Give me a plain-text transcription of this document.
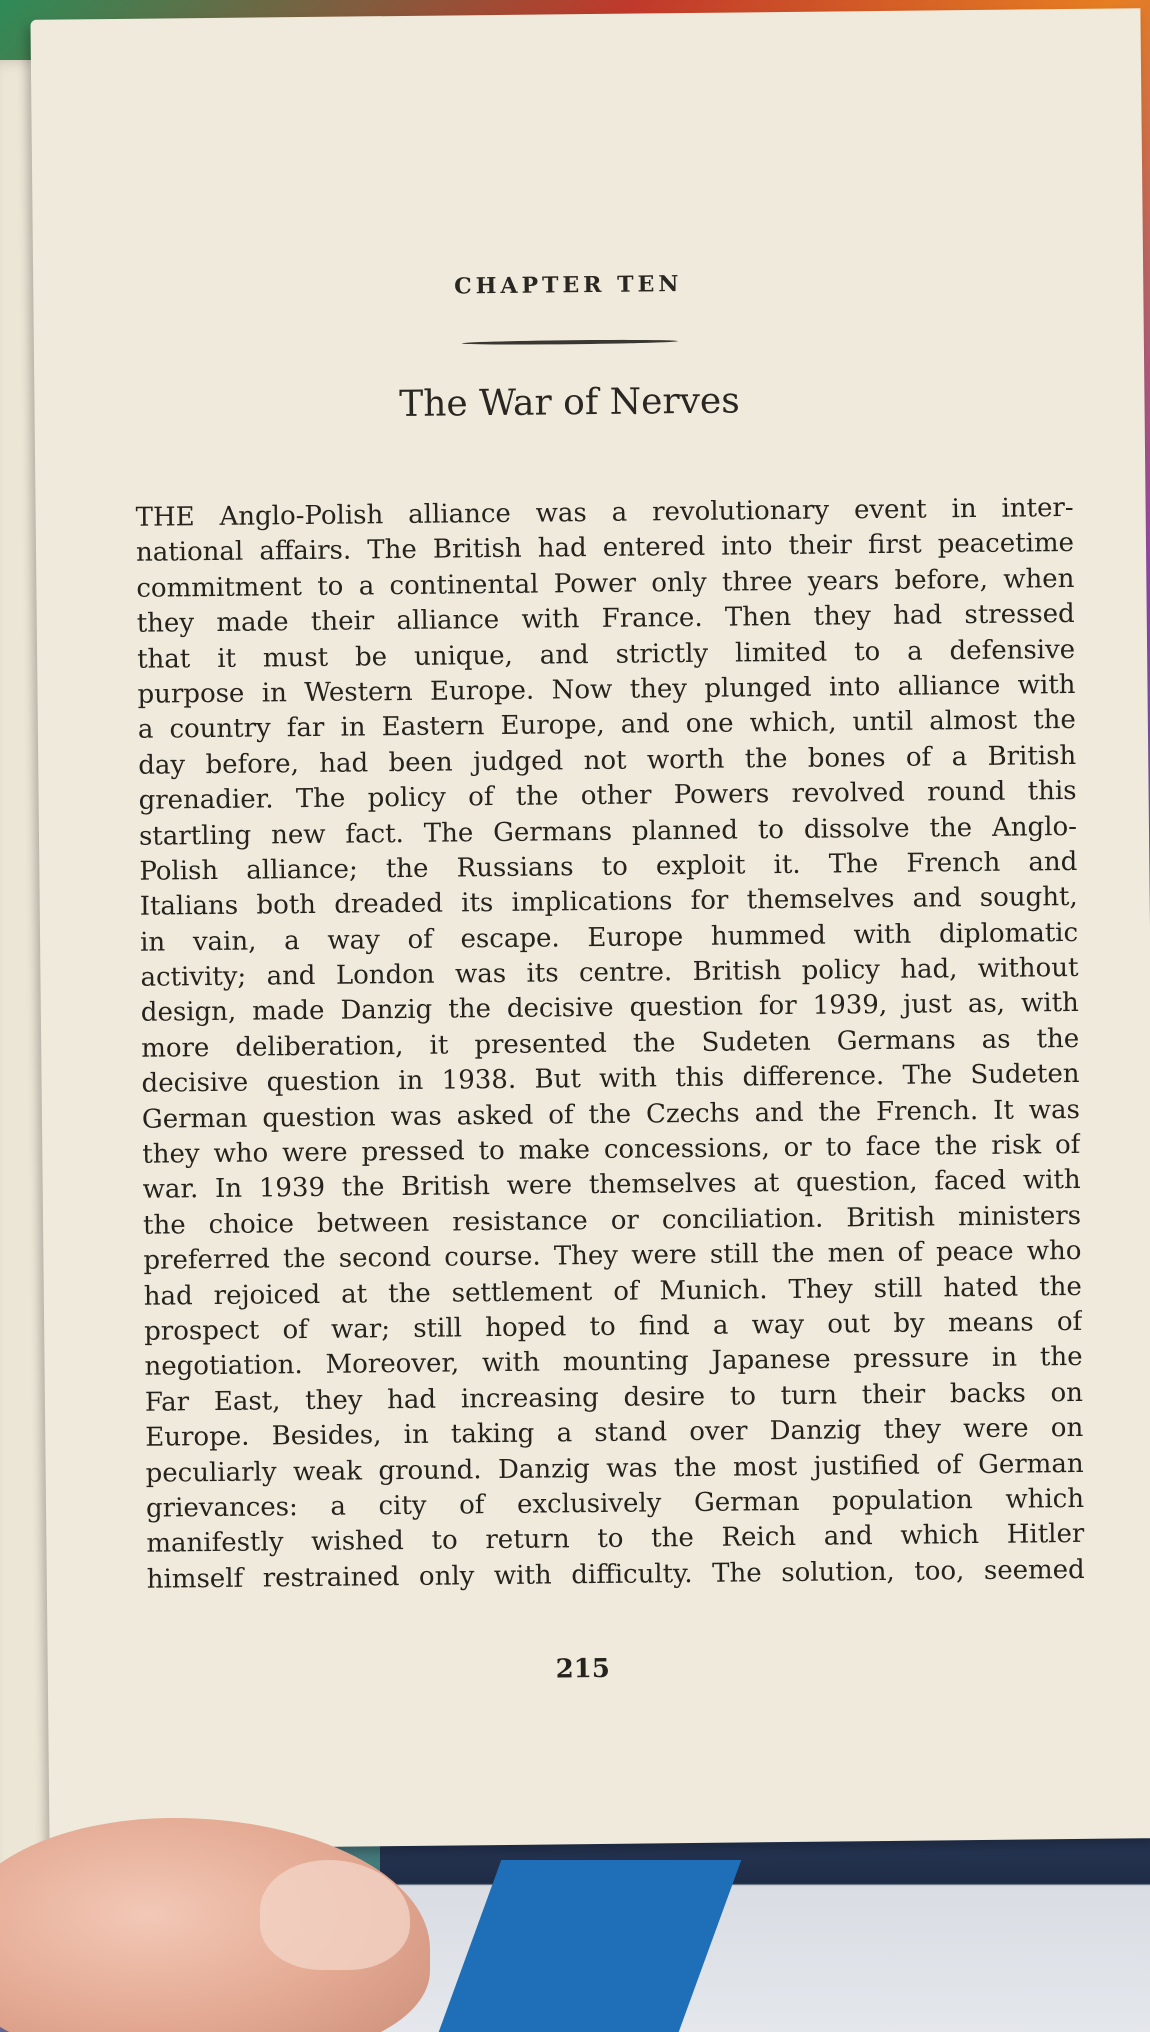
CHAPTER TEN
The War of Nerves
THE Anglo-Polish alliance was a revolutionary event in inter-
national affairs. The British had entered into their first peacetime
commitment to a continental Power only three years before, when
they made their alliance with France. Then they had stressed
that it must be unique, and strictly limited to a defensive
purpose in Western Europe. Now they plunged into alliance with
a country far in Eastern Europe, and one which, until almost the
day before, had been judged not worth the bones of a British
grenadier. The policy of the other Powers revolved round this
startling new fact. The Germans planned to dissolve the Anglo-
Polish alliance; the Russians to exploit it. The French and
Italians both dreaded its implications for themselves and sought,
in vain, a way of escape. Europe hummed with diplomatic
activity; and London was its centre. British policy had, without
design, made Danzig the decisive question for 1939, just as, with
more deliberation, it presented the Sudeten Germans as the
decisive question in 1938. But with this difference. The Sudeten
German question was asked of the Czechs and the French. It was
they who were pressed to make concessions, or to face the risk of
war. In 1939 the British were themselves at question, faced with
the choice between resistance or conciliation. British ministers
preferred the second course. They were still the men of peace who
had rejoiced at the settlement of Munich. They still hated the
prospect of war; still hoped to find a way out by means of
negotiation. Moreover, with mounting Japanese pressure in the
Far East, they had increasing desire to turn their backs on
Europe. Besides, in taking a stand over Danzig they were on
peculiarly weak ground. Danzig was the most justified of German
grievances: a city of exclusively German population which
manifestly wished to return to the Reich and which Hitler
himself restrained only with difficulty. The solution, too, seemed
215
